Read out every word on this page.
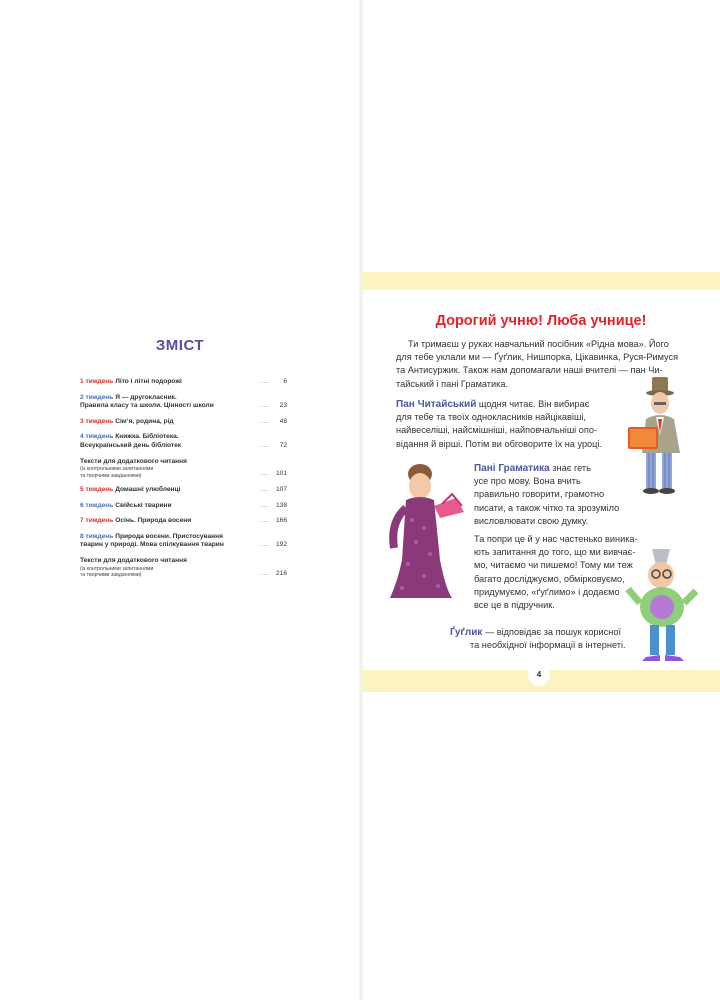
ЗМІСТ
1 тиждень Літо і літні подорожі	.....	6
2 тиждень Я — другокласник.
Правила класу та школи. Цінності школи	.....	23
3 тиждень Сім’я, родина, рід	.....	48
4 тиждень Книжка. Бібліотека.
Всеукраїнський день бібліотек	.....	72
Тексти для додаткового читання
(із контрольними запитаннями
та творчими завданнями)	.....	101
5 тиждень Домашні улюбленці	.....	107
6 тиждень Свійські тварини	.....	138
7 тиждень Осінь. Природа восени	.....	166
8 тиждень Природа восени. Пристосування
тварин у природі. Мова спілкування тварин	.....	192
Тексти для додаткового читання
(із контрольними запитаннями
та творчими завданнями)	.....	216
Дорогий учню! Люба учнице!
Ти тримаєш у руках навчальний посібник «Рідна мова». Його
для тебе уклали ми — Ґуґлик, Нишпорка, Цікавинка, Руся-Римуся
та Антисуржик. Також нам допомагали наші вчителі — пан Чи-
тайський і пані Граматика.
Пан Читайський щодня читає. Він вибирає
для тебе та твоїх однокласників найцікавіші,
найвеселіші, найсмішніші, найповчальніші опо-
відання й вірші. Потім ви обговорите їх на уроці.
Пані Граматика знає геть
усе про мову. Вона вчить
правильно говорити, грамотно
писати, а також чітко та зрозуміло
висловлювати свою думку.
Та попри це й у нас частенько виника-
ють запитання до того, що ми вивчає-
мо, читаємо чи пишемо! Тому ми теж
багато досліджуємо, обмірковуємо,
придумуємо, «ґуґлимо» і додаємо
все це в підручник.
Ґуґлик — відповідає за пошук корисної
та необхідної інформації в інтернеті.
4
